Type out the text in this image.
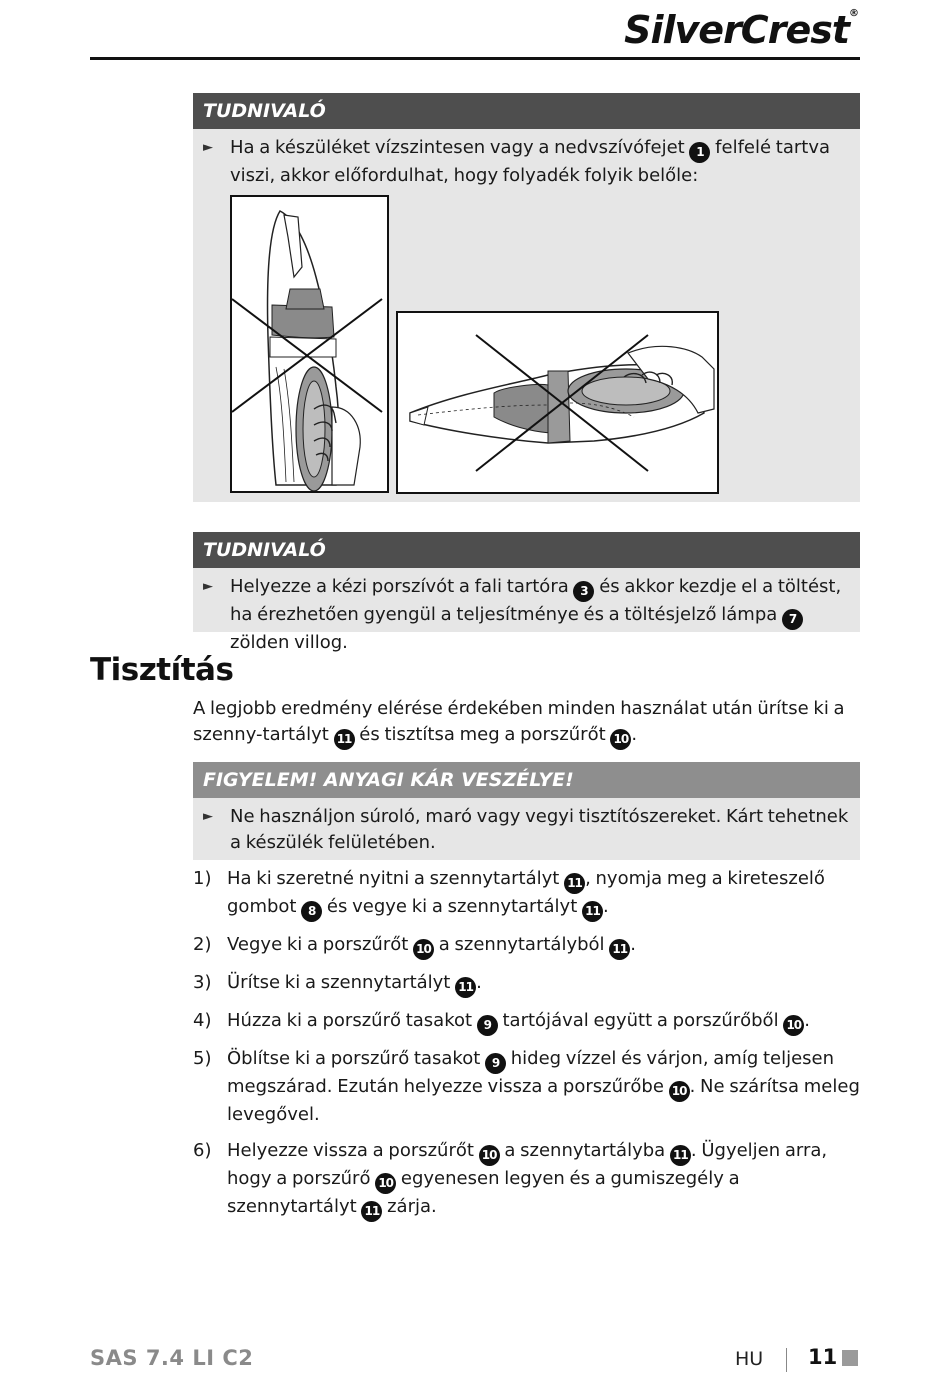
SilverCrest®
TUDNIVALÓ
► Ha a készüléket vízszintesen vagy a nedvszívófejet 1 felfelé tartva viszi, akkor előfordulhat, hogy folyadék folyik belőle:
TUDNIVALÓ
► Helyezze a kézi porszívót a fali tartóra 3 és akkor kezdje el a töltést, ha érezhetően gyengül a teljesítménye és a töltésjelző lámpa 7 zölden villog.
Tisztítás
A legjobb eredmény elérése érdekében minden használat után ürítse ki a szenny-tartályt 11 és tisztítsa meg a porszűrőt 10 .
FIGYELEM! ANYAGI KÁR VESZÉLYE!
► Ne használjon súroló, maró vagy vegyi tisztítószereket. Kárt tehetnek a készülék felületében.
1) Ha ki szeretné nyitni a szennytartályt 11 , nyomja meg a kireteszelő gombot 8 és vegye ki a szennytartályt 11 .
2) Vegye ki a porszűrőt 10 a szennytartályból 11 .
3) Ürítse ki a szennytartályt 11 .
4) Húzza ki a porszűrő tasakot 9 tartójával együtt a porszűrőből 10 .
5) Öblítse ki a porszűrő tasakot 9 hideg vízzel és várjon, amíg teljesen megszárad. Ezután helyezze vissza a porszűrőbe 10 . Ne szárítsa meleg levegővel.
6) Helyezze vissza a porszűrőt 10 a szennytartályba 11 . Ügyeljen arra, hogy a porszűrő 10 egyenesen legyen és a gumiszegély a szennytartályt 11 zárja.
SAS 7.4 LI C2	HU 11
